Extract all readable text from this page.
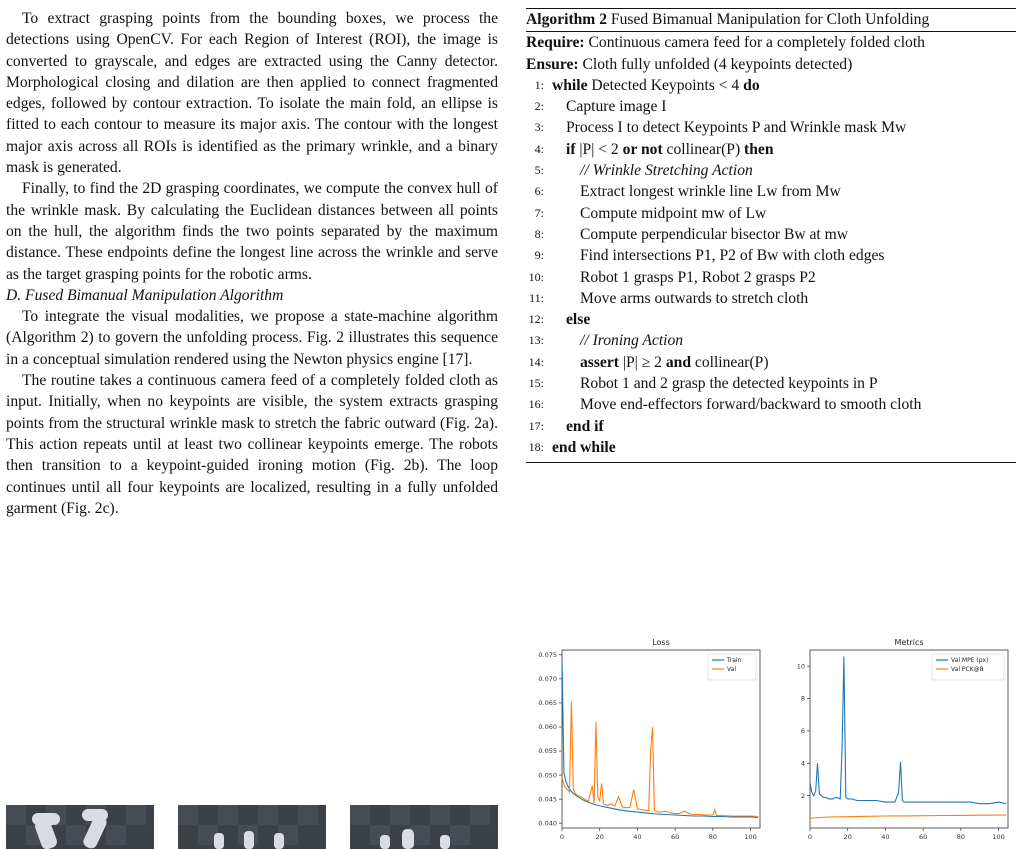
To extract grasping points from the bounding boxes, we process the detections using OpenCV. For each Region of Interest (ROI), the image is converted to grayscale, and edges are extracted using the Canny detector. Morphological closing and dilation are then applied to connect fragmented edges, followed by contour extraction. To isolate the main fold, an ellipse is fitted to each contour to measure its major axis. The contour with the longest major axis across all ROIs is identified as the primary wrinkle, and a binary mask is generated.

Finally, to find the 2D grasping coordinates, we compute the convex hull of the wrinkle mask. By calculating the Euclidean distances between all points on the hull, the algorithm finds the two points separated by the maximum distance. These endpoints define the longest line across the wrinkle and serve as the target grasping points for the robotic arms.

D. Fused Bimanual Manipulation Algorithm

To integrate the visual modalities, we propose a state-machine algorithm (Algorithm 2) to govern the unfolding process. Fig. 2 illustrates this sequence in a conceptual simulation rendered using the Newton physics engine [17].

The routine takes a continuous camera feed of a completely folded cloth as input. Initially, when no keypoints are visible, the system extracts grasping points from the structural wrinkle mask to stretch the fabric outward (Fig. 2a). This action repeats until at least two collinear keypoints emerge. The robots then transition to a keypoint-guided ironing motion (Fig. 2b). The loop continues until all four keypoints are localized, resulting in a fully unfolded garment (Fig. 2c).

Algorithm 2 Fused Bimanual Manipulation for Cloth Unfolding
Require: Continuous camera feed for a completely folded cloth
Ensure: Cloth fully unfolded (4 keypoints detected)
1: while Detected Keypoints < 4 do
2:	Capture image I
3:	Process I to detect Keypoints P and Wrinkle mask Mw
4:	if |P| < 2 or not collinear(P) then
5:	// Wrinkle Stretching Action
6:	Extract longest wrinkle line Lw from Mw
7:	Compute midpoint mw of Lw
8:	Compute perpendicular bisector Bw at mw
9:	Find intersections P1, P2 of Bw with cloth edges
10:	Robot 1 grasps P1, Robot 2 grasps P2
11:	Move arms outwards to stretch cloth
12:	else
13:	// Ironing Action
14:	assert |P| ≥ 2 and collinear(P)
15:	Robot 1 and 2 grasp the detected keypoints in P
16:	Move end-effectors forward/backward to smooth cloth
17:	end if
18: end while
Loss
0	20	40	60	80	100
0.040
0.045
0.050
0.055
0.060
0.065
0.070
0.075
Train
Val
Metrics
0	20	40	60	80	100
2
4
6
8
10
Val MPE (px)
Val PCK@8
